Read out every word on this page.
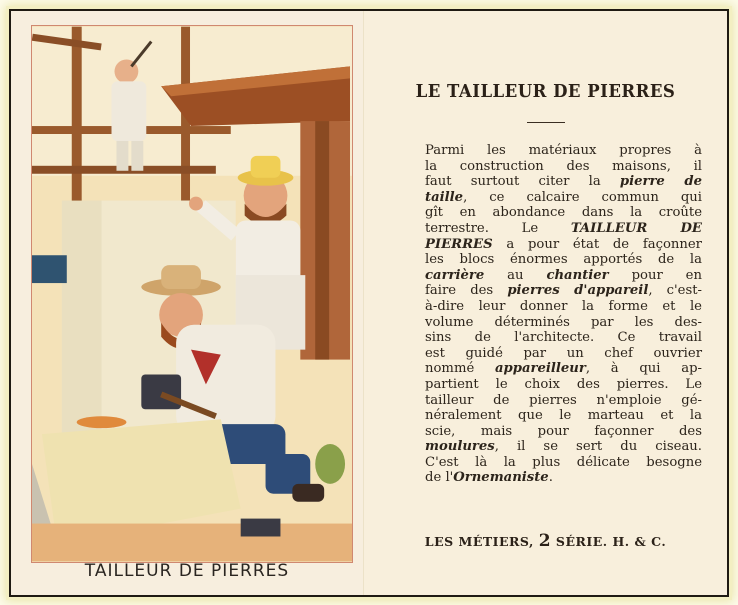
TAILLEUR DE PIERRES
LE TAILLEUR DE PIERRES
Parmi les matériaux propres à
la construction des maisons, il
faut surtout citer la pierre de
taille, ce calcaire commun qui
gît en abondance dans la croûte
terrestre. Le TAILLEUR DE
PIERRES a pour état de façonner
les blocs énormes apportés de la
carrière au chantier pour en
faire des pierres d'appareil, c'est-
à-dire leur donner la forme et le
volume déterminés par les des-
sins de l'architecte. Ce travail
est guidé par un chef ouvrier
nommé appareilleur, à qui ap-
partient le choix des pierres. Le
tailleur de pierres n'emploie gé-
néralement que le marteau et la
scie, mais pour façonner des
moulures, il se sert du ciseau.
C'est là la plus délicate besogne
de l'Ornemaniste.
LES MÉTIERS, 2 SÉRIE. H. & C.
